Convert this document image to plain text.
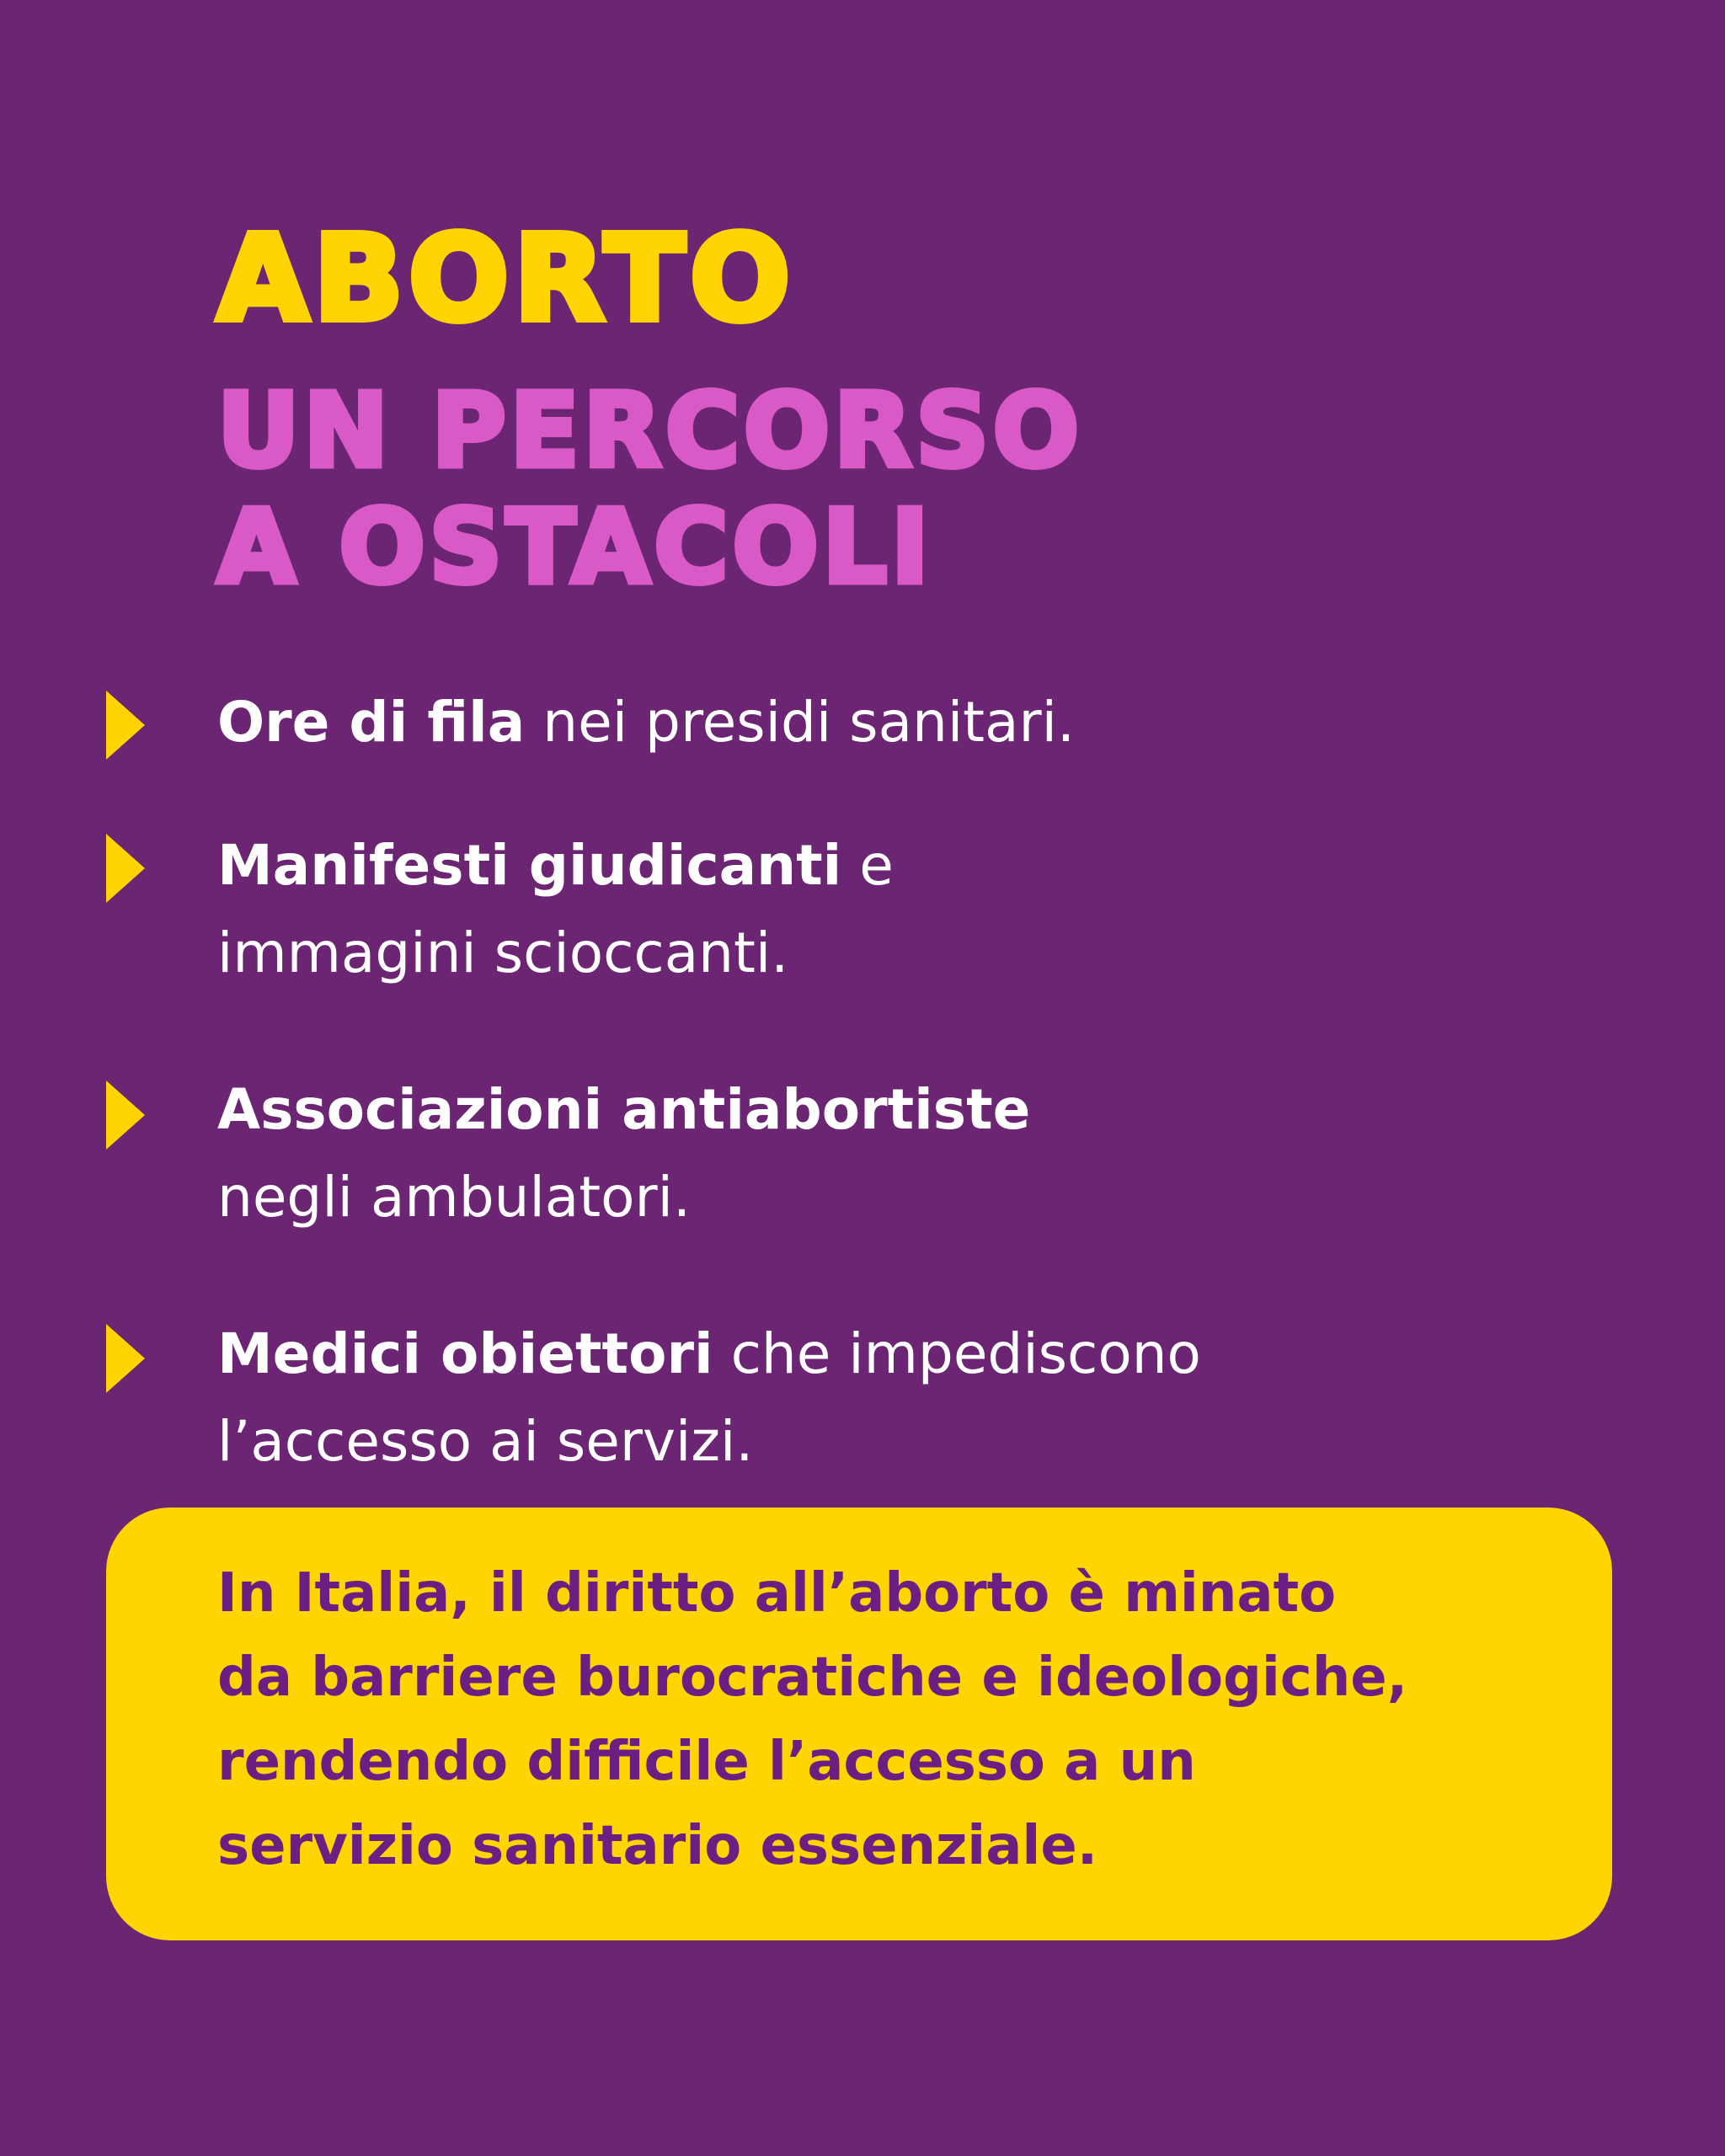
ABORTO
UN PERCORSO
A OSTACOLI
Ore di fila nei presidi sanitari.
Manifesti giudicanti e
immagini scioccanti.
Associazioni antiabortiste
negli ambulatori.
Medici obiettori che impediscono
l’accesso ai servizi.

In Italia, il diritto all’aborto è minato
da barriere burocratiche e ideologiche,
rendendo difficile l’accesso a un
servizio sanitario essenziale.
